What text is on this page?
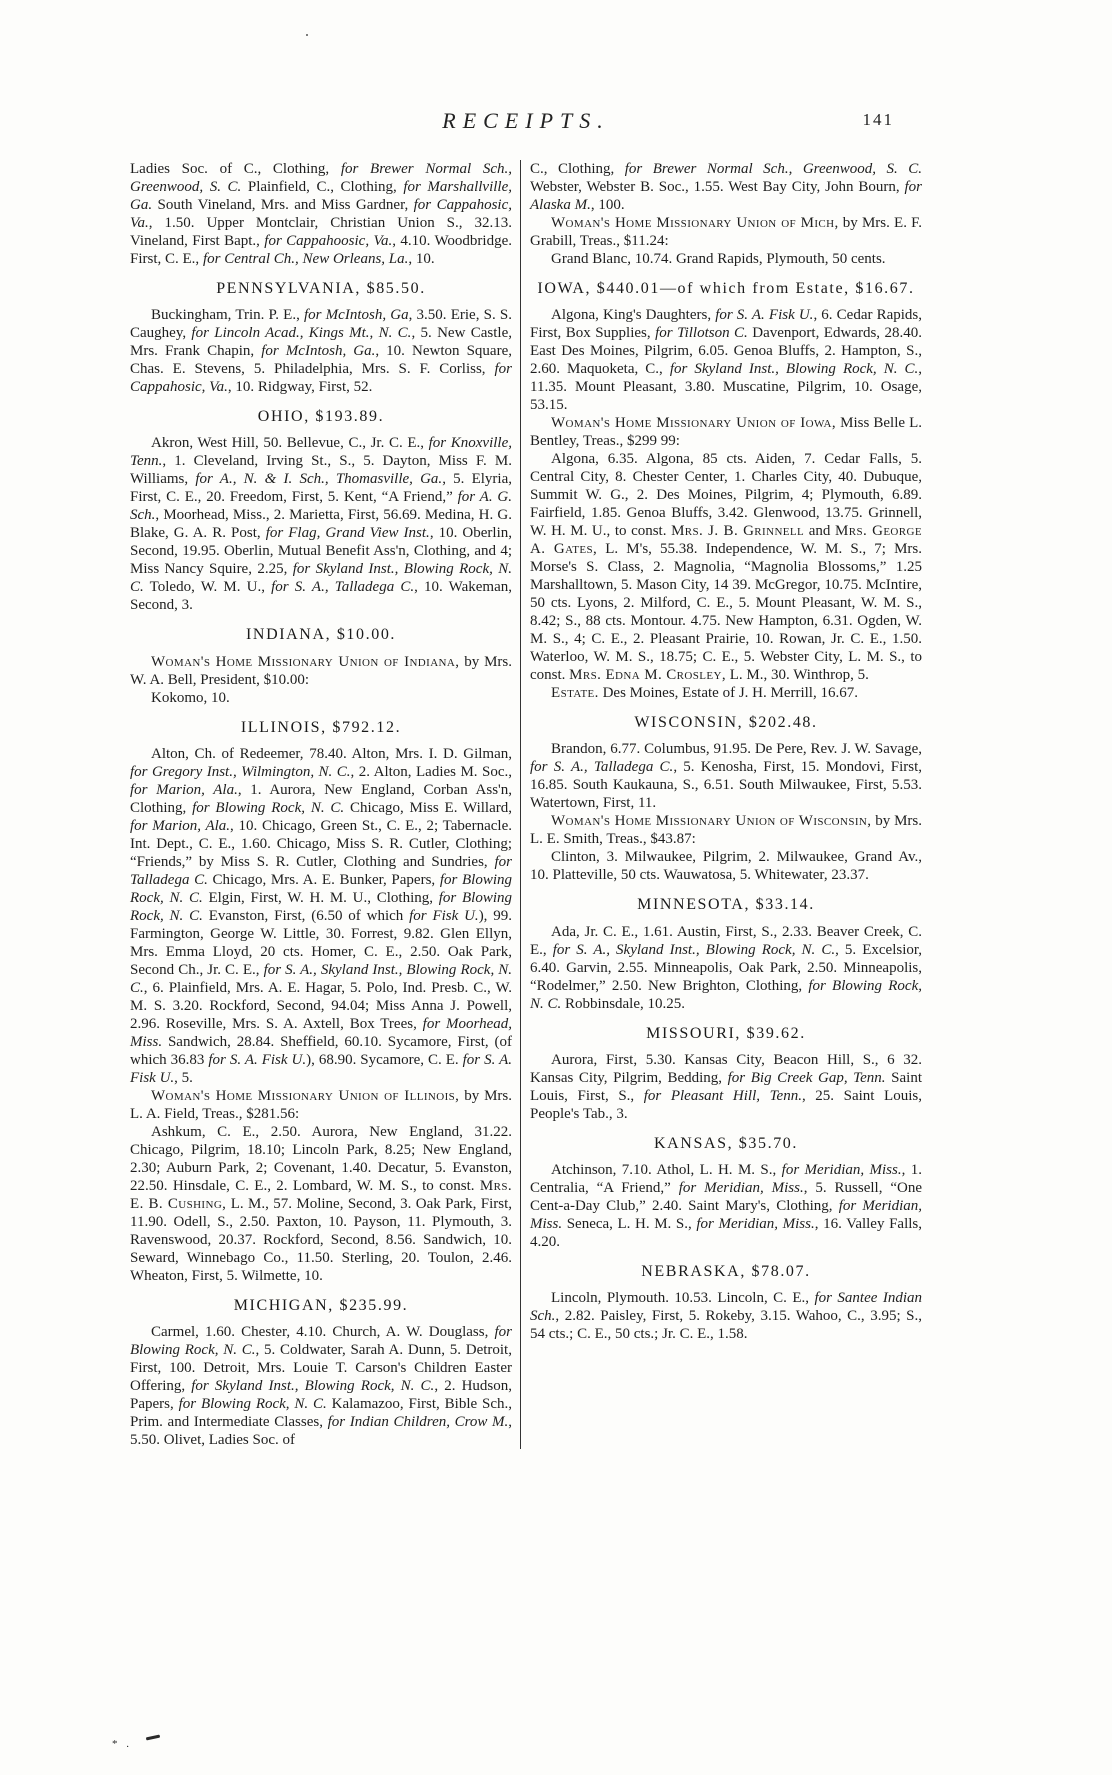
RECEIPTS.	141

Ladies Soc. of C., Clothing, for Brewer Normal Sch., Greenwood, S. C. Plainfield, C., Clothing, for Marshallville, Ga. South Vineland, Mrs. and Miss Gardner, for Cappahosic, Va., 1.50. Upper Montclair, Christian Union S., 32.13. Vineland, First Bapt., for Cappahoosic, Va., 4.10. Woodbridge. First, C. E., for Central Ch., New Orleans, La., 10.

PENNSYLVANIA, $85.50.

Buckingham, Trin. P. E., for McIntosh, Ga, 3.50. Erie, S. S. Caughey, for Lincoln Acad., Kings Mt., N. C., 5. New Castle, Mrs. Frank Chapin, for McIntosh, Ga., 10. Newton Square, Chas. E. Stevens, 5. Philadelphia, Mrs. S. F. Corliss, for Cappahosic, Va., 10. Ridgway, First, 52.

OHIO, $193.89.

Akron, West Hill, 50. Bellevue, C., Jr. C. E., for Knoxville, Tenn., 1. Cleveland, Irving St., S., 5. Dayton, Miss F. M. Williams, for A., N. & I. Sch., Thomasville, Ga., 5. Elyria, First, C. E., 20. Freedom, First, 5. Kent, “A Friend,” for A. G. Sch., Moorhead, Miss., 2. Marietta, First, 56.69. Medina, H. G. Blake, G. A. R. Post, for Flag, Grand View Inst., 10. Oberlin, Second, 19.95. Oberlin, Mutual Benefit Ass'n, Clothing, and 4; Miss Nancy Squire, 2.25, for Skyland Inst., Blowing Rock, N. C. Toledo, W. M. U., for S. A., Talladega C., 10. Wakeman, Second, 3.

INDIANA, $10.00.

Woman's Home Missionary Union of Indiana, by Mrs. W. A. Bell, President, $10.00:

Kokomo, 10.

ILLINOIS, $792.12.

Alton, Ch. of Redeemer, 78.40. Alton, Mrs. I. D. Gilman, for Gregory Inst., Wilmington, N. C., 2. Alton, Ladies M. Soc., for Marion, Ala., 1. Aurora, New England, Corban Ass'n, Clothing, for Blowing Rock, N. C. Chicago, Miss E. Willard, for Marion, Ala., 10. Chicago, Green St., C. E., 2; Tabernacle. Int. Dept., C. E., 1.60. Chicago, Miss S. R. Cutler, Clothing; “Friends,” by Miss S. R. Cutler, Clothing and Sundries, for Talladega C. Chicago, Mrs. A. E. Bunker, Papers, for Blowing Rock, N. C. Elgin, First, W. H. M. U., Clothing, for Blowing Rock, N. C. Evanston, First, (6.50 of which for Fisk U.), 99. Farmington, George W. Little, 30. Forrest, 9.82. Glen Ellyn, Mrs. Emma Lloyd, 20 cts. Homer, C. E., 2.50. Oak Park, Second Ch., Jr. C. E., for S. A., Skyland Inst., Blowing Rock, N. C., 6. Plainfield, Mrs. A. E. Hagar, 5. Polo, Ind. Presb. C., W. M. S. 3.20. Rockford, Second, 94.04; Miss Anna J. Powell, 2.96. Roseville, Mrs. S. A. Axtell, Box Trees, for Moorhead, Miss. Sandwich, 28.84. Sheffield, 60.10. Sycamore, First, (of which 36.83 for S. A. Fisk U.), 68.90. Sycamore, C. E. for S. A. Fisk U., 5.

Woman's Home Missionary Union of Illinois, by Mrs. L. A. Field, Treas., $281.56:

Ashkum, C. E., 2.50. Aurora, New England, 31.22. Chicago, Pilgrim, 18.10; Lincoln Park, 8.25; New England, 2.30; Auburn Park, 2; Covenant, 1.40. Decatur, 5. Evanston, 22.50. Hinsdale, C. E., 2. Lombard, W. M. S., to const. Mrs. E. B. Cushing, L. M., 57. Moline, Second, 3. Oak Park, First, 11.90. Odell, S., 2.50. Paxton, 10. Payson, 11. Plymouth, 3. Ravenswood, 20.37. Rockford, Second, 8.56. Sandwich, 10. Seward, Winnebago Co., 11.50. Sterling, 20. Toulon, 2.46. Wheaton, First, 5. Wilmette, 10.

MICHIGAN, $235.99.

Carmel, 1.60. Chester, 4.10. Church, A. W. Douglass, for Blowing Rock, N. C., 5. Coldwater, Sarah A. Dunn, 5. Detroit, First, 100. Detroit, Mrs. Louie T. Carson's Children Easter Offering, for Skyland Inst., Blowing Rock, N. C., 2. Hudson, Papers, for Blowing Rock, N. C. Kalamazoo, First, Bible Sch., Prim. and Intermediate Classes, for Indian Children, Crow M., 5.50. Olivet, Ladies Soc. of

C., Clothing, for Brewer Normal Sch., Greenwood, S. C. Webster, Webster B. Soc., 1.55. West Bay City, John Bourn, for Alaska M., 100.

Woman's Home Missionary Union of Mich, by Mrs. E. F. Grabill, Treas., $11.24:

Grand Blanc, 10.74. Grand Rapids, Plymouth, 50 cents.

IOWA, $440.01—of which from Estate, $16.67.

Algona, King's Daughters, for S. A. Fisk U., 6. Cedar Rapids, First, Box Supplies, for Tillotson C. Davenport, Edwards, 28.40. East Des Moines, Pilgrim, 6.05. Genoa Bluffs, 2. Hampton, S., 2.60. Maquoketa, C., for Skyland Inst., Blowing Rock, N. C., 11.35. Mount Pleasant, 3.80. Muscatine, Pilgrim, 10. Osage, 53.15.

Woman's Home Missionary Union of Iowa, Miss Belle L. Bentley, Treas., $299 99:

Algona, 6.35. Algona, 85 cts. Aiden, 7. Cedar Falls, 5. Central City, 8. Chester Center, 1. Charles City, 40. Dubuque, Summit W. G., 2. Des Moines, Pilgrim, 4; Plymouth, 6.89. Fairfield, 1.85. Genoa Bluffs, 3.42. Glenwood, 13.75. Grinnell, W. H. M. U., to const. Mrs. J. B. Grinnell and Mrs. George A. Gates, L. M's, 55.38. Independence, W. M. S., 7; Mrs. Morse's S. Class, 2. Magnolia, “Magnolia Blossoms,” 1.25 Marshalltown, 5. Mason City, 14 39. McGregor, 10.75. McIntire, 50 cts. Lyons, 2. Milford, C. E., 5. Mount Pleasant, W. M. S., 8.42; S., 88 cts. Montour. 4.75. New Hampton, 6.31. Ogden, W. M. S., 4; C. E., 2. Pleasant Prairie, 10. Rowan, Jr. C. E., 1.50. Waterloo, W. M. S., 18.75; C. E., 5. Webster City, L. M. S., to const. Mrs. Edna M. Crosley, L. M., 30. Winthrop, 5.

Estate. Des Moines, Estate of J. H. Merrill, 16.67.

WISCONSIN, $202.48.

Brandon, 6.77. Columbus, 91.95. De Pere, Rev. J. W. Savage, for S. A., Talladega C., 5. Kenosha, First, 15. Mondovi, First, 16.85. South Kaukauna, S., 6.51. South Milwaukee, First, 5.53. Watertown, First, 11.

Woman's Home Missionary Union of Wisconsin, by Mrs. L. E. Smith, Treas., $43.87:

Clinton, 3. Milwaukee, Pilgrim, 2. Milwaukee, Grand Av., 10. Platteville, 50 cts. Wauwatosa, 5. Whitewater, 23.37.

MINNESOTA, $33.14.

Ada, Jr. C. E., 1.61. Austin, First, S., 2.33. Beaver Creek, C. E., for S. A., Skyland Inst., Blowing Rock, N. C., 5. Excelsior, 6.40. Garvin, 2.55. Minneapolis, Oak Park, 2.50. Minneapolis, “Rodelmer,” 2.50. New Brighton, Clothing, for Blowing Rock, N. C. Robbinsdale, 10.25.

MISSOURI, $39.62.

Aurora, First, 5.30. Kansas City, Beacon Hill, S., 6 32. Kansas City, Pilgrim, Bedding, for Big Creek Gap, Tenn. Saint Louis, First, S., for Pleasant Hill, Tenn., 25. Saint Louis, People's Tab., 3.

KANSAS, $35.70.

Atchinson, 7.10. Athol, L. H. M. S., for Meridian, Miss., 1. Centralia, “A Friend,” for Meridian, Miss., 5. Russell, “One Cent-a-Day Club,” 2.40. Saint Mary's, Clothing, for Meridian, Miss. Seneca, L. H. M. S., for Meridian, Miss., 16. Valley Falls, 4.20.

NEBRASKA, $78.07.

Lincoln, Plymouth. 10.53. Lincoln, C. E., for Santee Indian Sch., 2.82. Paisley, First, 5. Rokeby, 3.15. Wahoo, C., 3.95; S., 54 cts.; C. E., 50 cts.; Jr. C. E., 1.58.

* .
